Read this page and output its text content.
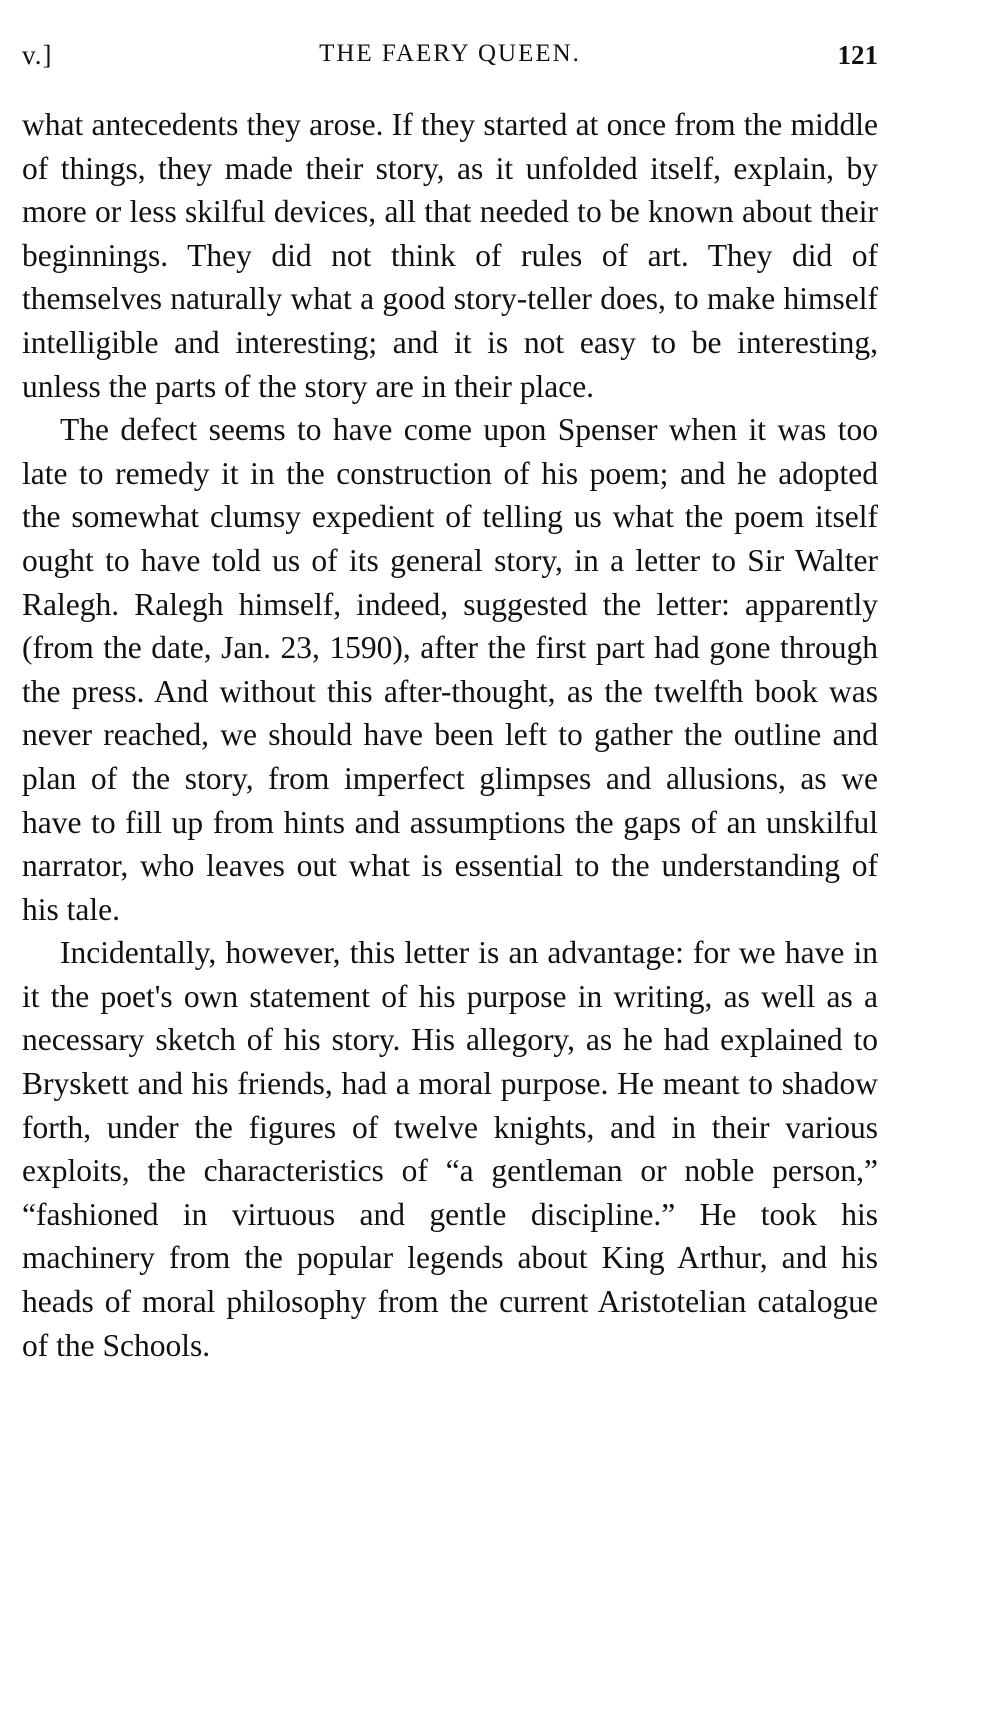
v.]	THE FAERY QUEEN.	121

what antecedents they arose. If they started at once from the middle of things, they made their story, as it unfolded itself, explain, by more or less skilful devices, all that needed to be known about their beginnings. They did not think of rules of art. They did of themselves naturally what a good story-teller does, to make himself intelligible and interesting; and it is not easy to be interesting, unless the parts of the story are in their place.

The defect seems to have come upon Spenser when it was too late to remedy it in the construction of his poem; and he adopted the somewhat clumsy expedient of telling us what the poem itself ought to have told us of its general story, in a letter to Sir Walter Ralegh. Ralegh himself, indeed, suggested the letter: apparently (from the date, Jan. 23, 1590), after the first part had gone through the press. And without this after-thought, as the twelfth book was never reached, we should have been left to gather the outline and plan of the story, from imperfect glimpses and allusions, as we have to fill up from hints and assumptions the gaps of an unskilful narrator, who leaves out what is essential to the understanding of his tale.

Incidentally, however, this letter is an advantage: for we have in it the poet's own statement of his purpose in writing, as well as a necessary sketch of his story. His allegory, as he had explained to Bryskett and his friends, had a moral purpose. He meant to shadow forth, under the figures of twelve knights, and in their various exploits, the characteristics of “a gentleman or noble person,” “fashioned in virtuous and gentle discipline.” He took his machinery from the popular legends about King Arthur, and his heads of moral philosophy from the current Aristotelian catalogue of the Schools.
